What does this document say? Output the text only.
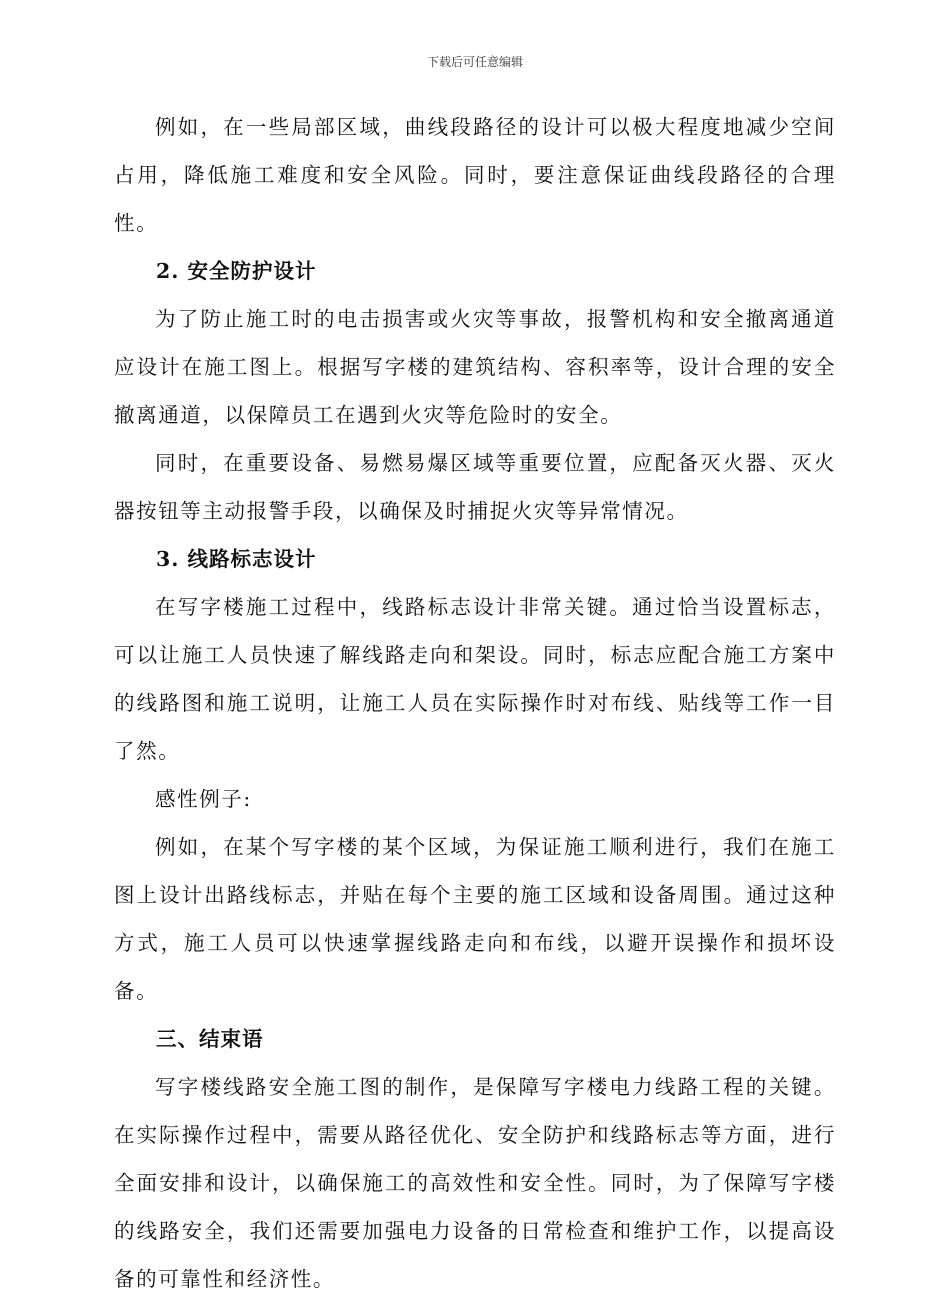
下载后可任意编辑

例如，在一些局部区域，曲线段路径的设计可以极大程度地减少空间占用，降低施工难度和安全风险。同时，要注意保证曲线段路径的合理性。

2. 安全防护设计

为了防止施工时的电击损害或火灾等事故，报警机构和安全撤离通道应设计在施工图上。根据写字楼的建筑结构、容积率等，设计合理的安全撤离通道，以保障员工在遇到火灾等危险时的安全。

同时，在重要设备、易燃易爆区域等重要位置，应配备灭火器、灭火器按钮等主动报警手段，以确保及时捕捉火灾等异常情况。

3. 线路标志设计

在写字楼施工过程中，线路标志设计非常关键。通过恰当设置标志，可以让施工人员快速了解线路走向和架设。同时，标志应配合施工方案中的线路图和施工说明，让施工人员在实际操作时对布线、贴线等工作一目了然。

感性例子:

例如，在某个写字楼的某个区域，为保证施工顺利进行，我们在施工图上设计出路线标志，并贴在每个主要的施工区域和设备周围。通过这种方式，施工人员可以快速掌握线路走向和布线，以避开误操作和损坏设备。

三、结束语

写字楼线路安全施工图的制作，是保障写字楼电力线路工程的关键。在实际操作过程中，需要从路径优化、安全防护和线路标志等方面，进行全面安排和设计，以确保施工的高效性和安全性。同时，为了保障写字楼的线路安全，我们还需要加强电力设备的日常检查和维护工作，以提高设备的可靠性和经济性。
